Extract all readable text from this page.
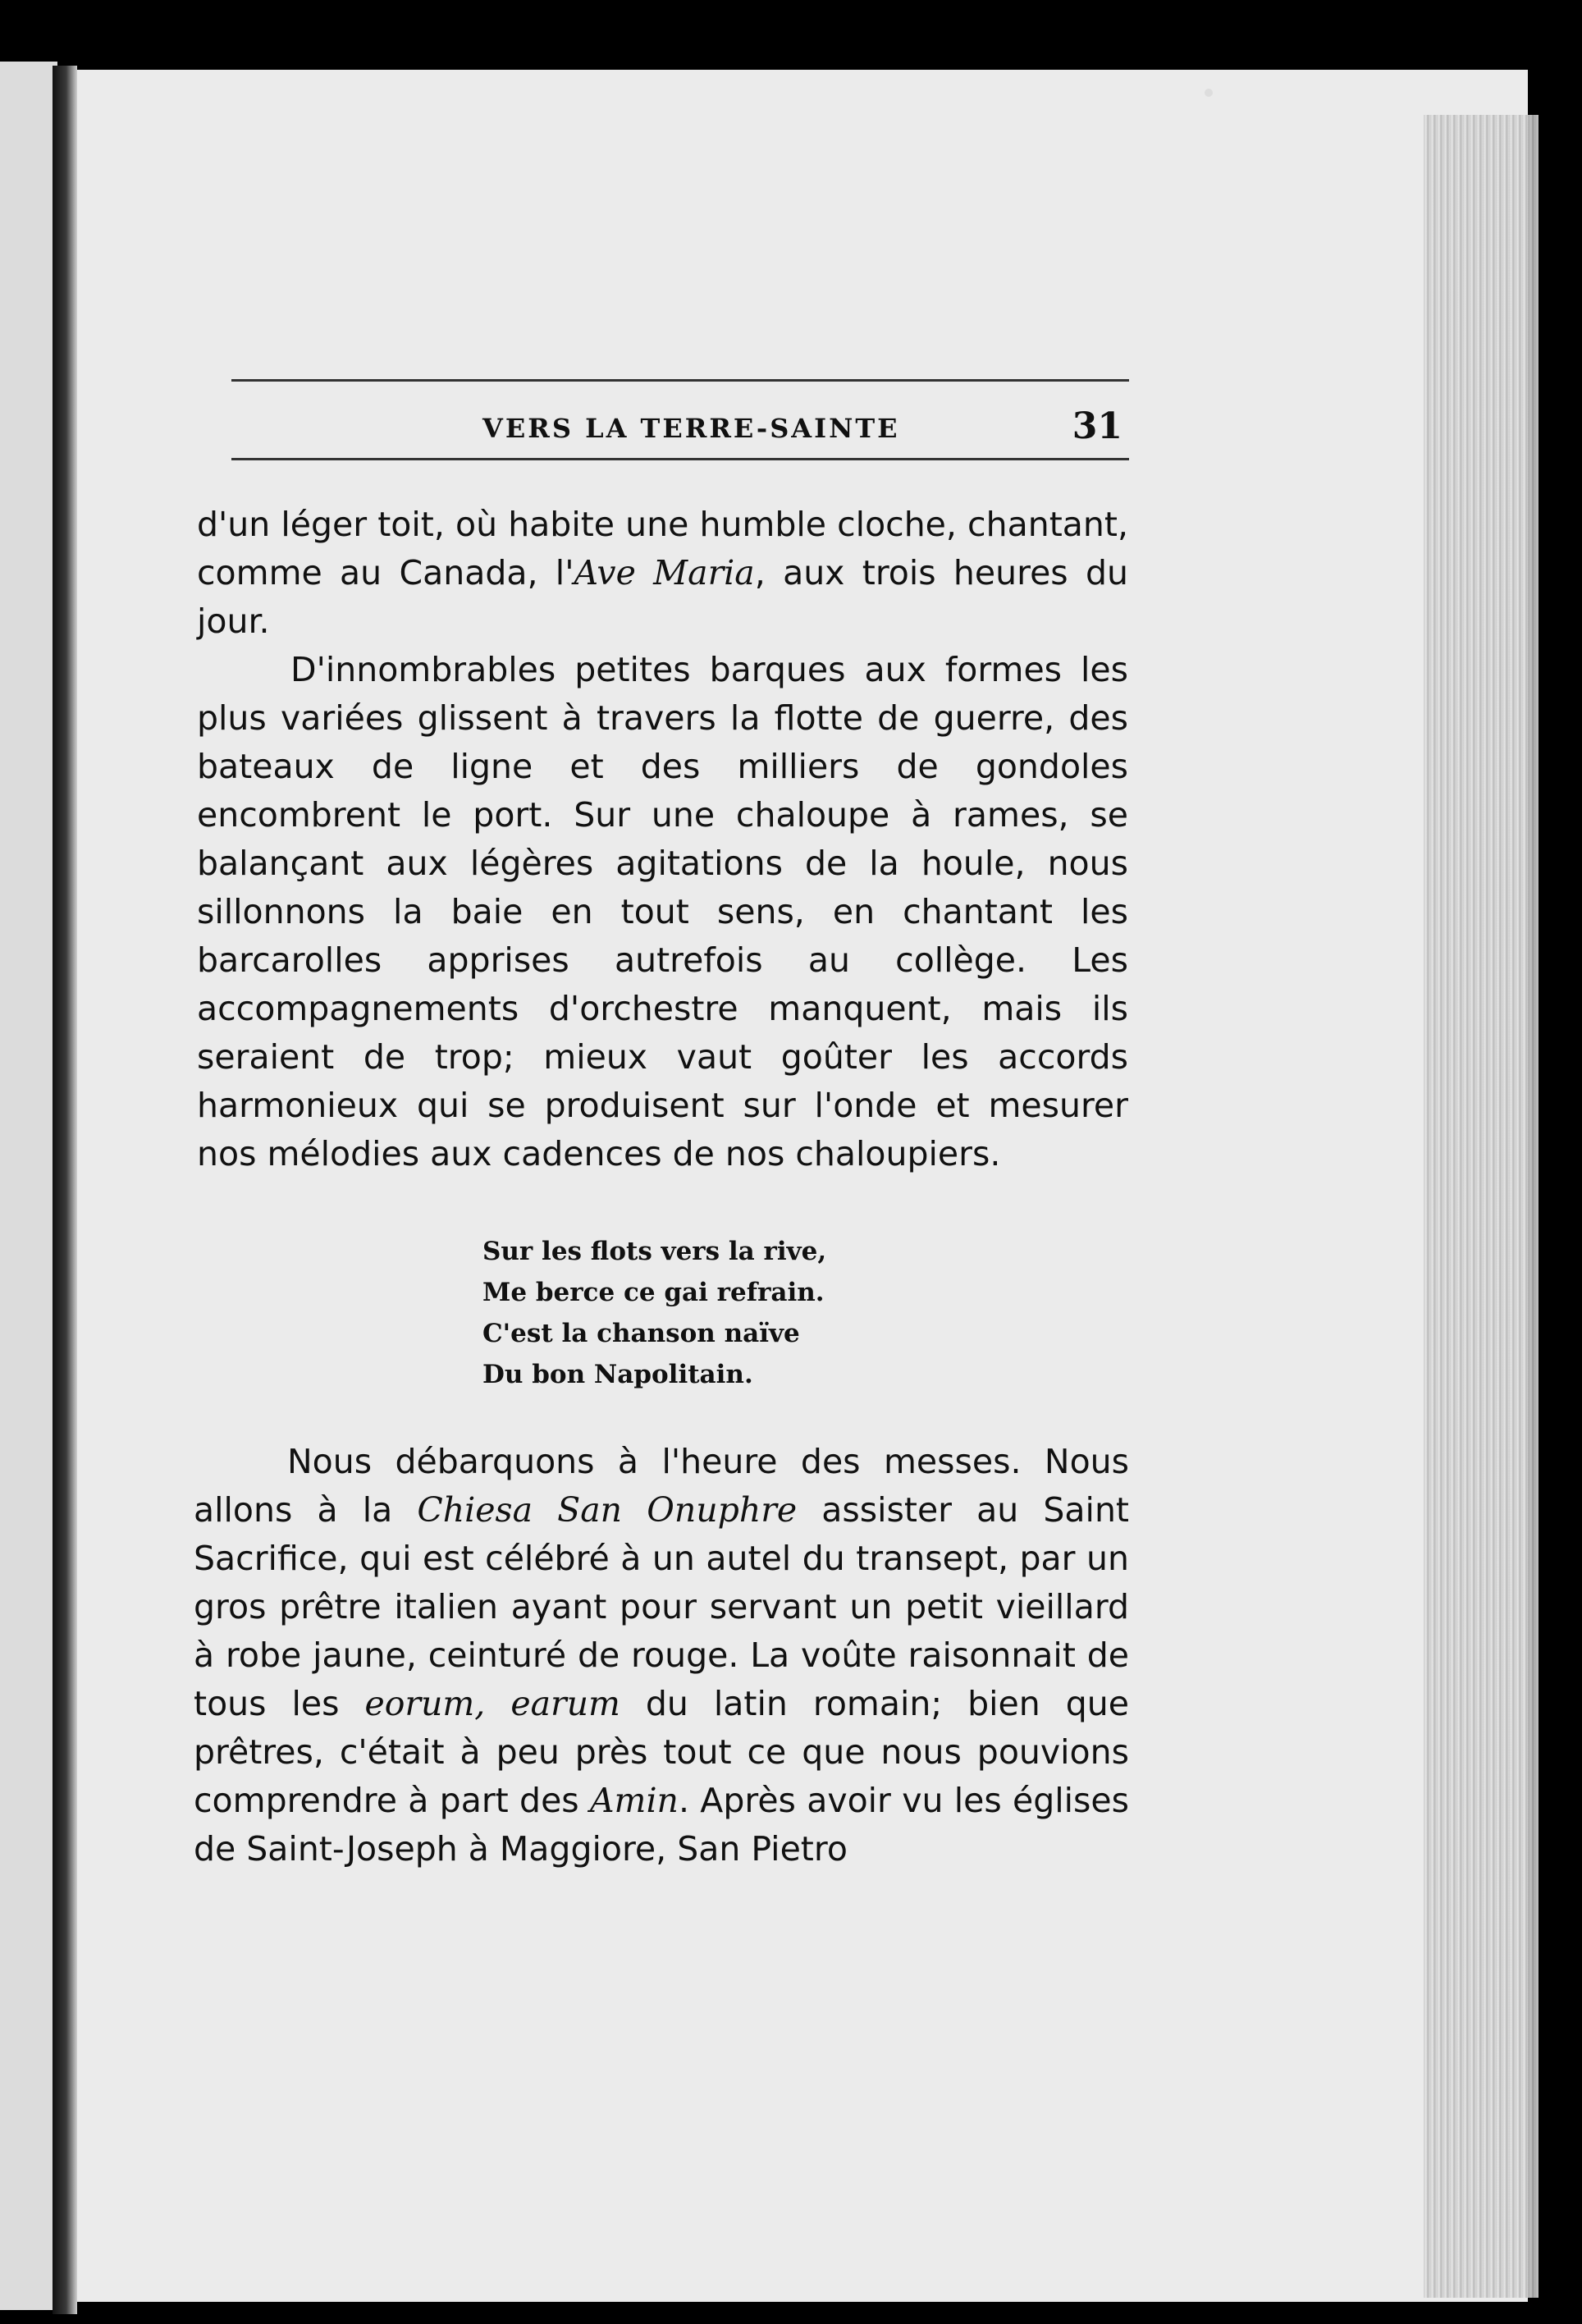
VERS LA TERRE-SAINTE	31

d'un léger toit, où habite une humble cloche, chantant, comme au Canada, l'Ave Maria, aux trois heures du jour.

D'innombrables petites barques aux formes les plus variées glissent à travers la flotte de guerre, des bateaux de ligne et des milliers de gondoles encombrent le port. Sur une chaloupe à rames, se balançant aux légères agitations de la houle, nous sillonnons la baie en tout sens, en chantant les barcarolles apprises autrefois au collège. Les accompagnements d'orchestre manquent, mais ils seraient de trop; mieux vaut goûter les accords harmonieux qui se produisent sur l'onde et mesurer nos mélodies aux cadences de nos chaloupiers.

Sur les flots vers la rive,
Me berce ce gai refrain.
C'est la chanson naïve
Du bon Napolitain.

Nous débarquons à l'heure des messes. Nous allons à la Chiesa San Onuphre assister au Saint Sacrifice, qui est célébré à un autel du transept, par un gros prêtre italien ayant pour servant un petit vieillard à robe jaune, ceinturé de rouge. La voûte raisonnait de tous les eorum, earum du latin romain; bien que prêtres, c'était à peu près tout ce que nous pouvions comprendre à part des Amin. Après avoir vu les églises de Saint-Joseph à Maggiore, San Pietro
